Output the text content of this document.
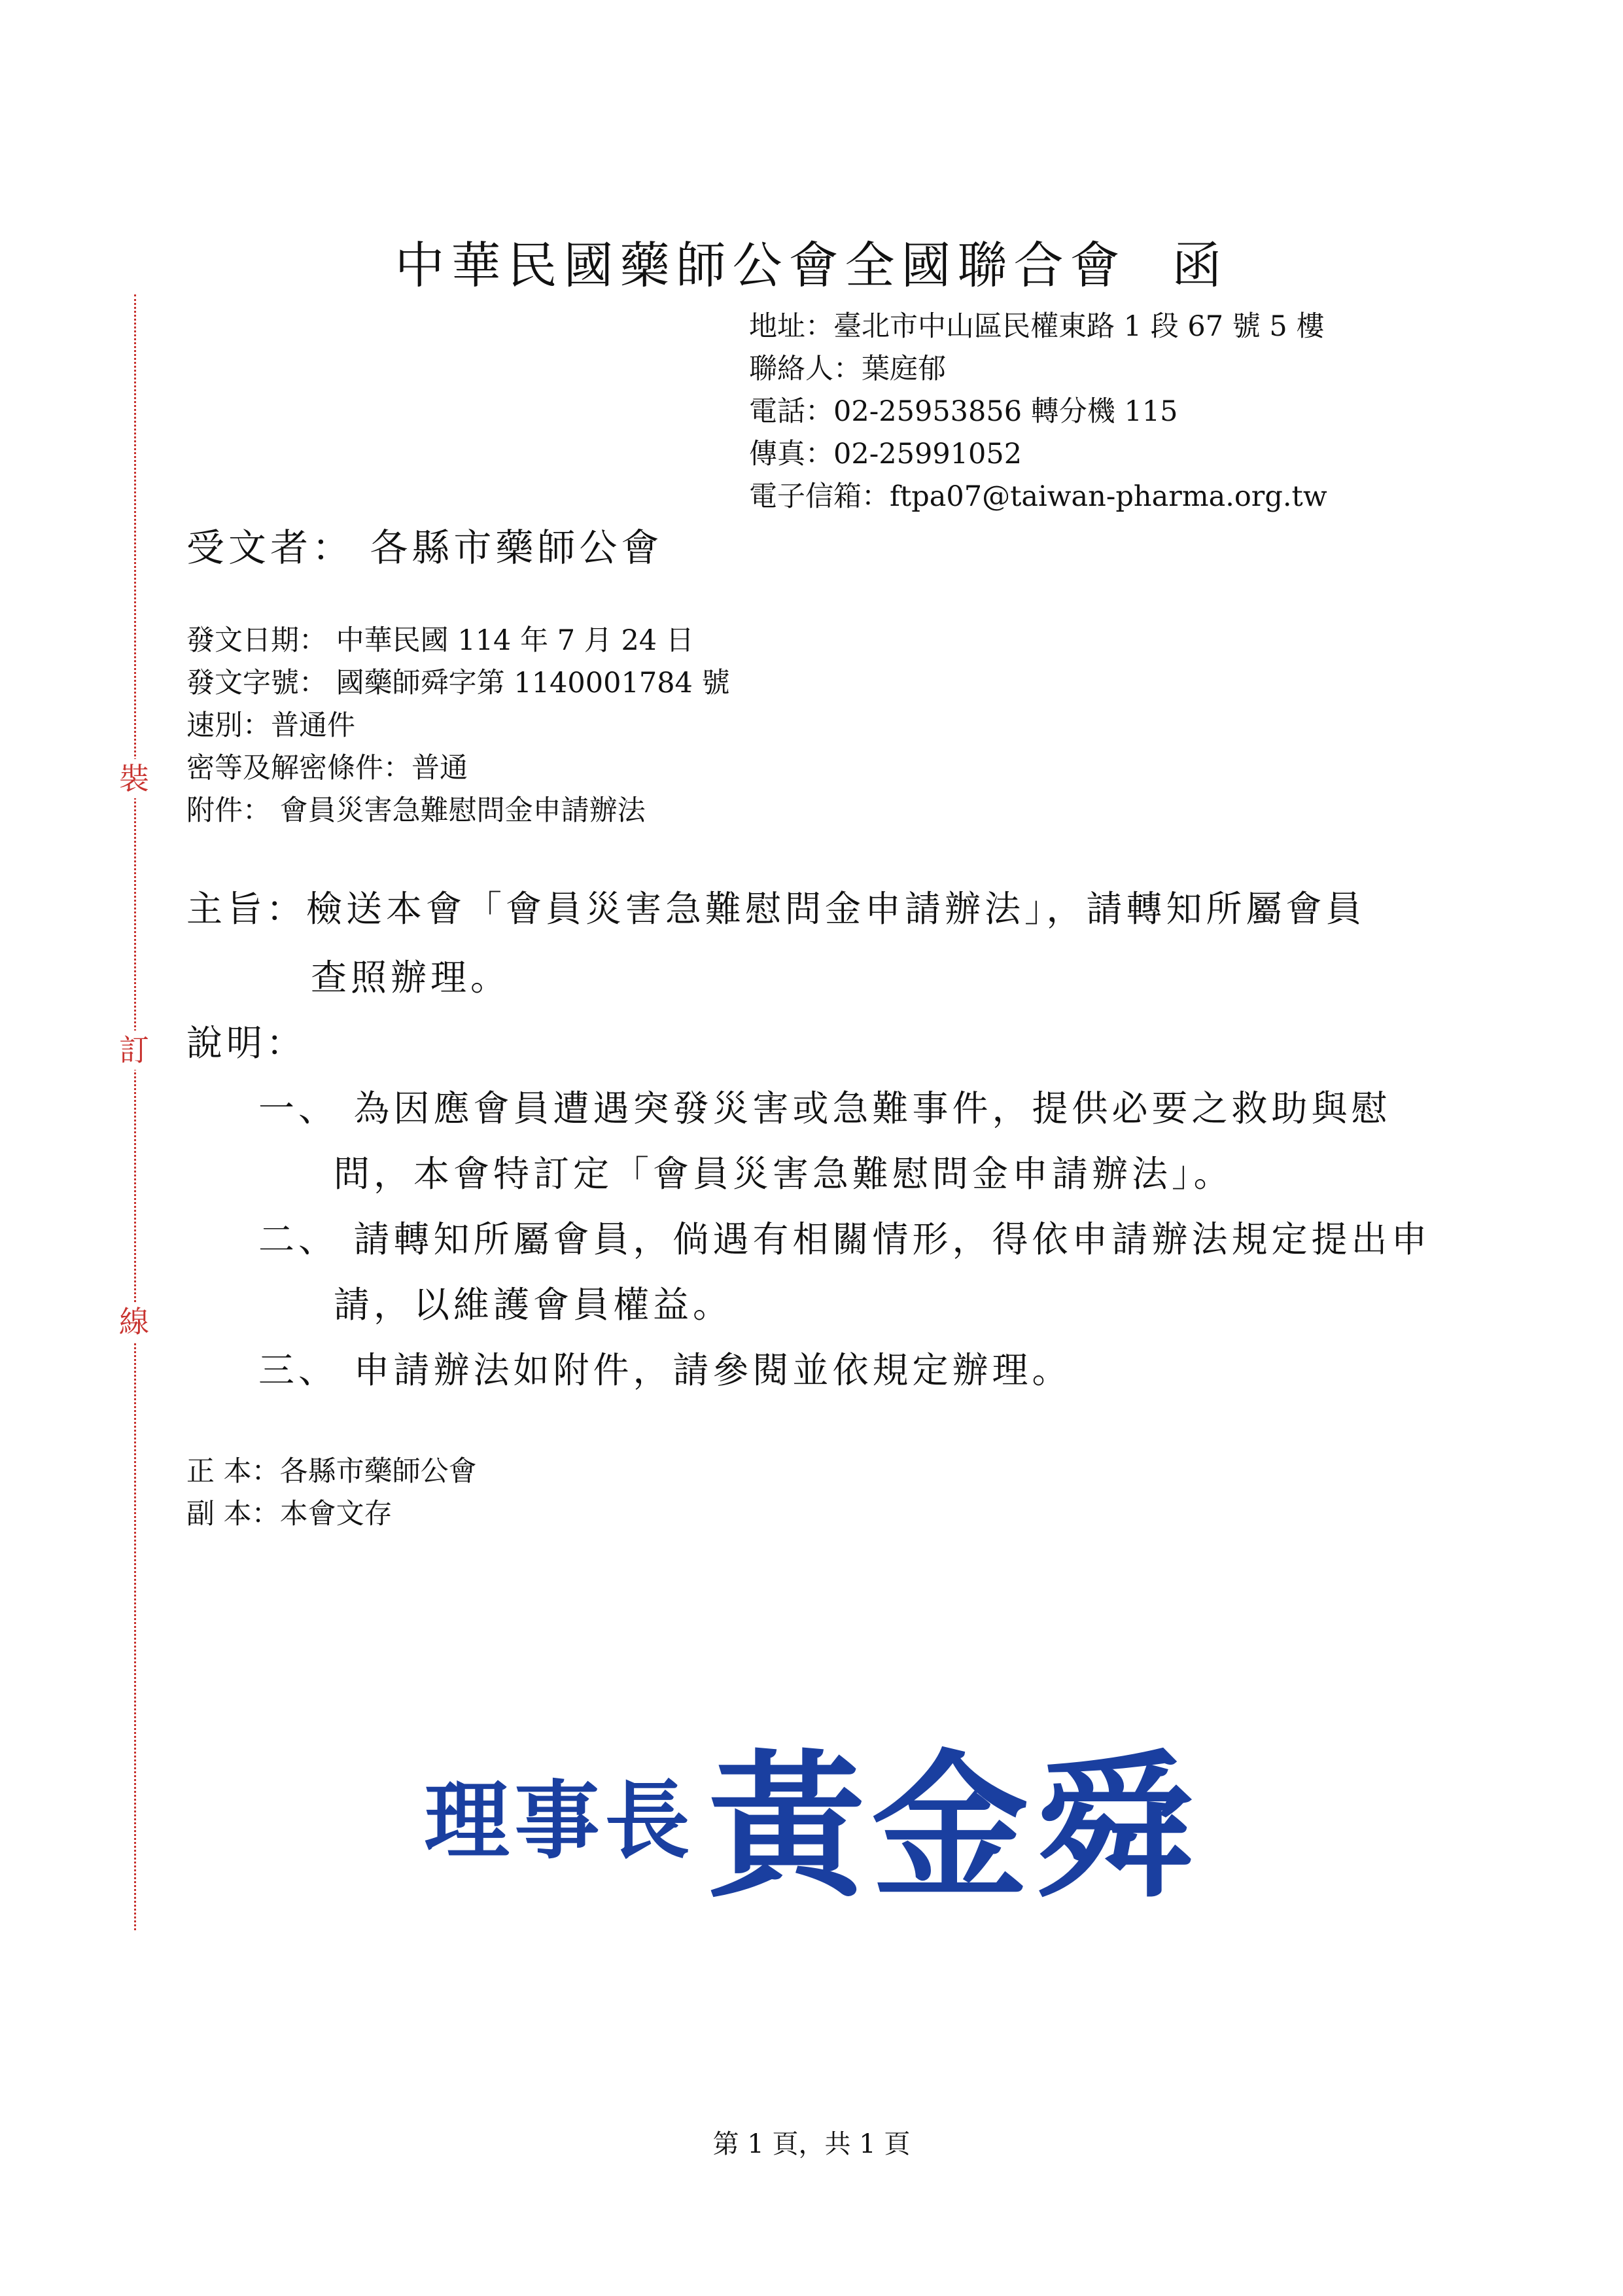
裝
訂
線
中華民國藥師公會全國聯合會 函
地址：臺北市中山區民權東路 1 段 67 號 5 樓
聯絡人：葉庭郁
電話：02-25953856 轉分機 115
傳真：02-25991052
電子信箱：ftpa07@taiwan-pharma.org.tw
受文者： 各縣市藥師公會
發文日期： 中華民國 114 年 7 月 24 日
發文字號： 國藥師舜字第 1140001784 號
速別：普通件
密等及解密條件：普通
附件： 會員災害急難慰問金申請辦法
主旨：檢送本會「會員災害急難慰問金申請辦法」，請轉知所屬會員
查照辦理。
說明：
一、 為因應會員遭遇突發災害或急難事件，提供必要之救助與慰
問，本會特訂定「會員災害急難慰問金申請辦法」。
二、 請轉知所屬會員，倘遇有相關情形，得依申請辦法規定提出申
請，以維護會員權益。
三、 申請辦法如附件，請參閱並依規定辦理。
正 本：各縣市藥師公會
副 本：本會文存
理事長黃金舜
第 1 頁，共 1 頁
